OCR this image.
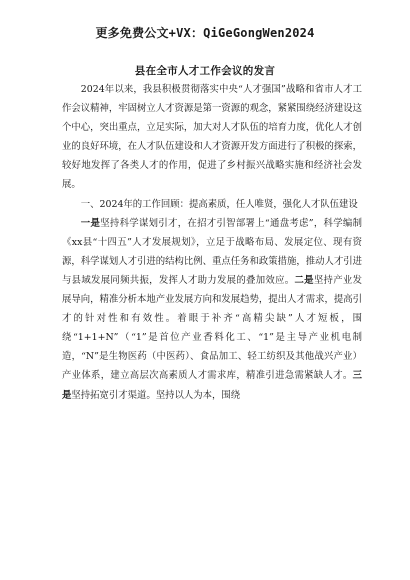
更多免费公文+VX：QiGeGongWen2024
县在全市人才工作会议的发言

2024年以来，我县积极贯彻落实中央“人才强国”战略和省市人才工作会议精神，牢固树立人才资源是第一资源的观念，紧紧围绕经济建设这个中心，突出重点，立足实际，加大对人才队伍的培育力度，优化人才创业的良好环境，在人才队伍建设和人才资源开发方面进行了积极的探索，较好地发挥了各类人才的作用，促进了乡村振兴战略实施和经济社会发展。

一、2024年的工作回顾：提高素质，任人唯贤，强化人才队伍建设

一是坚持科学谋划引才，在招才引智部署上“通盘考虑”，科学编制《xx县“十四五”人才发展规划》，立足于战略布局、发展定位、现有资源，科学谋划人才引进的结构比例、重点任务和政策措施，推动人才引进与县域发展同频共振，发挥人才助力发展的叠加效应。二是坚持产业发展导向，精准分析本地产业发展方向和发展趋势，提出人才需求，提高引才的针对性和有效性。着眼于补齐“高精尖缺”人才短板，围绕“1+1+N”（“1”是首位产业香料化工、“1”是主导产业机电制造，“N”是生物医药（中医药）、食品加工、轻工纺织及其他战兴产业）产业体系，建立高层次高素质人才需求库，精准引进急需紧缺人才。三是坚持拓宽引才渠道。坚持以人为本，围绕
